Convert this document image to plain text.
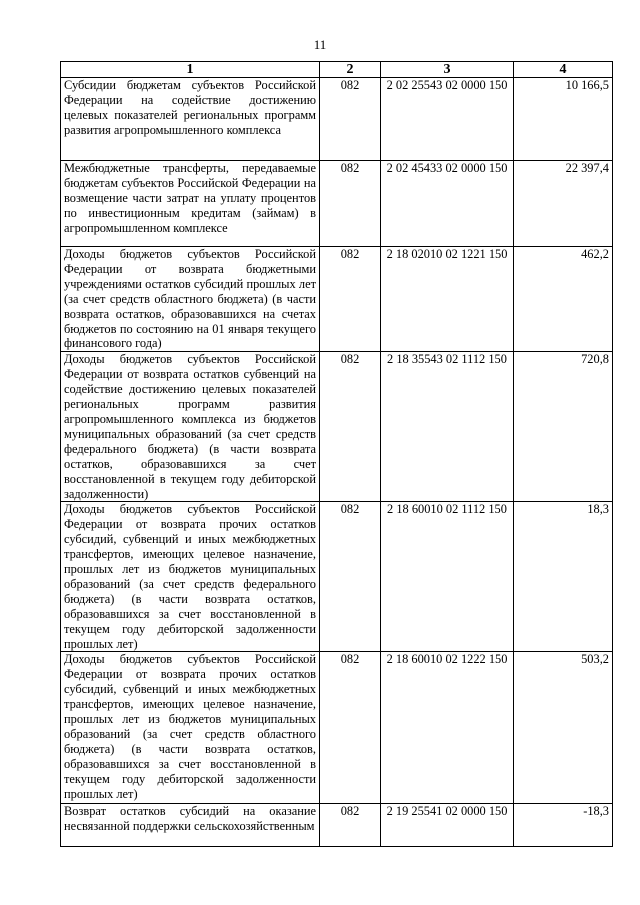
11
1	2	3	4
Субсидии бюджетам субъектов Российской Федерации на содействие достижению целевых показателей региональных программ развития агропромышленного комплекса	082	2 02 25543 02 0000 150	10 166,5
Межбюджетные трансферты, передаваемые бюджетам субъектов Российской Федерации на возмещение части затрат на уплату процентов по инвестиционным кредитам (займам) в агропромышленном комплексе	082	2 02 45433 02 0000 150	22 397,4
Доходы бюджетов субъектов Российской Федерации от возврата бюджетными учреждениями остатков субсидий прошлых лет (за счет средств областного бюджета) (в части возврата остатков, образовавшихся на счетах бюджетов по состоянию на 01 января текущего финансового года)	082	2 18 02010 02 1221 150	462,2
Доходы бюджетов субъектов Российской Федерации от возврата остатков субвенций на содействие достижению целевых показателей региональных программ развития агропромышленного комплекса из бюджетов муниципальных образований (за счет средств федерального бюджета) (в части возврата остатков, образовавшихся за счет восстановленной в текущем году дебиторской задолженности)	082	2 18 35543 02 1112 150	720,8
Доходы бюджетов субъектов Российской Федерации от возврата прочих остатков субсидий, субвенций и иных межбюджетных трансфертов, имеющих целевое назначение, прошлых лет из бюджетов муниципальных образований (за счет средств федерального бюджета) (в части возврата остатков, образовавшихся за счет восстановленной в текущем году дебиторской задолженности прошлых лет)	082	2 18 60010 02 1112 150	18,3
Доходы бюджетов субъектов Российской Федерации от возврата прочих остатков субсидий, субвенций и иных межбюджетных трансфертов, имеющих целевое назначение, прошлых лет из бюджетов муниципальных образований (за счет средств областного бюджета) (в части возврата остатков, образовавшихся за счет восстановленной в текущем году дебиторской задолженности прошлых лет)	082	2 18 60010 02 1222 150	503,2
Возврат остатков субсидий на оказание несвязанной поддержки сельскохозяйственным	082	2 19 25541 02 0000 150	-18,3
